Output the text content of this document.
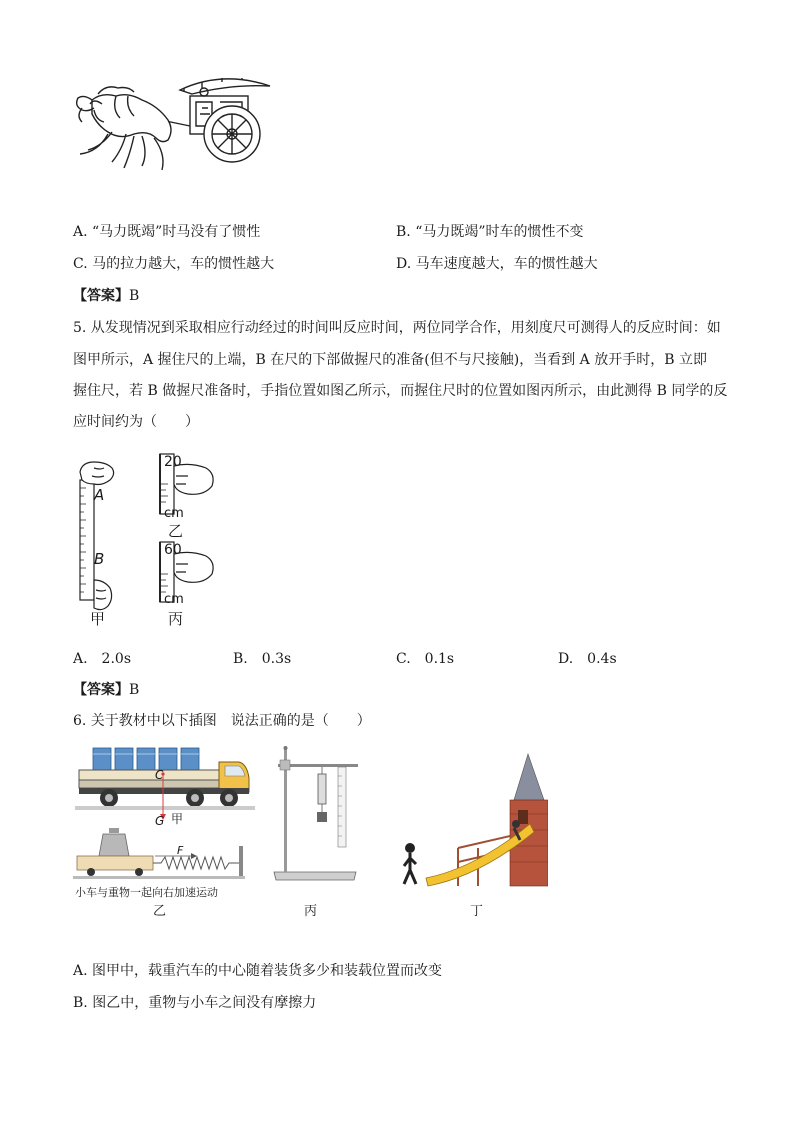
A. “马力既竭”时马没有了惯性	B. “马力既竭”时车的惯性不变
C. 马的拉力越大，车的惯性越大	D. 马车速度越大，车的惯性越大
【答案】B
5. 从发现情况到采取相应行动经过的时间叫反应时间，两位同学合作，用刻度尺可测得人的反应时间：如
图甲所示，A 握住尺的上端，B 在尺的下部做握尺的准备(但不与尺接触)，当看到 A 放开手时，B 立即
握住尺，若 B 做握尺准备时，手指位置如图乙所示，而握住尺时的位置如图丙所示，由此测得 B 同学的反
应时间约为（　　）
A
B
甲
20
cm
乙
60
cm
丙
A.　2.0s	B.　0.3s	C.　0.1s	D.　0.4s
【答案】B
6. 关于教材中以下插图　说法正确的是（　　）
C
G 甲
F
小车与重物一起向右加速运动
乙	丙	丁
A. 图甲中，载重汽车的中心随着装货多少和装载位置而改变
B. 图乙中，重物与小车之间没有摩擦力
